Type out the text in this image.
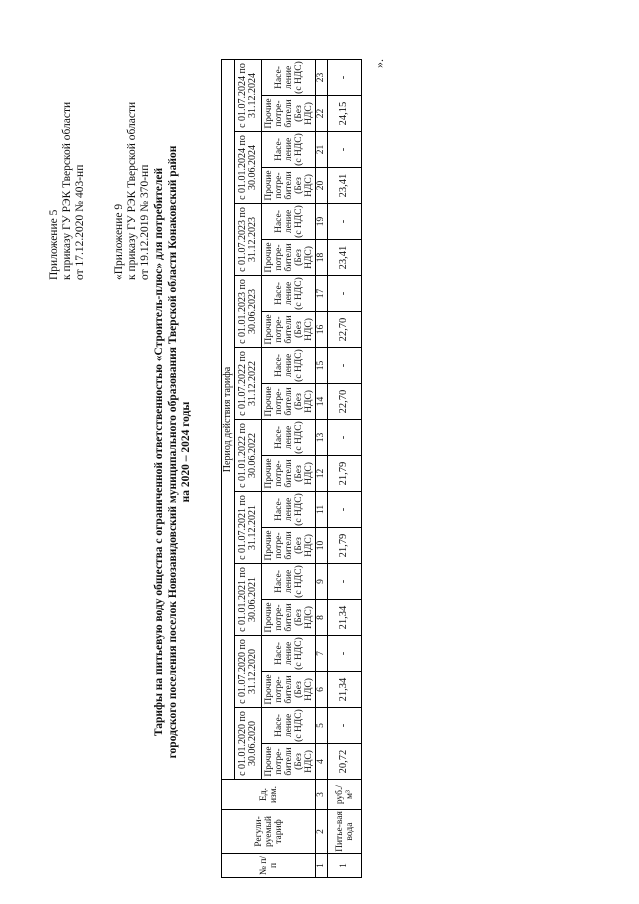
Приложение 5 к приказу ГУ РЭК Тверской области от 17.12.2020 № 403-нп «Приложение 9 к приказу ГУ РЭК Тверской области от 19.12.2019 № 370-нп Тарифы на питьевую воду общества с ограниченной ответственностью «Строитель-плюс» для потребителей городского поселения поселок Новозавидовский муниципального образования Тверской области Конаковский район на 2020 – 2024 годы
№ п/п	Регули-руемый тариф	Ед. изм.	Период действия тарифа																			
			с 01.01.2020 по 30.06.2020		с 01.07.2020 по 31.12.2020		с 01.01.2021 по 30.06.2021		с 01.07.2021 по 31.12.2021		с 01.01.2022 по 30.06.2022		с 01.07.2022 по 31.12.2022		с 01.01.2023 по 30.06.2023		с 01.07.2023 по 31.12.2023		с 01.01.2024 по 30.06.2024		с 01.07.2024 по 31.12.2024	
			Прочие потре-бители (Без НДС)	Насе-ление (с НДС)	Прочие потре-бители (Без НДС)	Насе-ление (с НДС)	Прочие потре-бители (Без НДС)	Насе-ление (с НДС)	Прочие потре-бители (Без НДС)	Насе-ление (с НДС)	Прочие потре-бители (Без НДС)	Насе-ление (с НДС)	Прочие потре-бители (Без НДС)	Насе-ление (с НДС)	Прочие потре-бители (Без НДС)	Насе-ление (с НДС)	Прочие потре-бители (Без НДС)	Насе-ление (с НДС)	Прочие потре-бители (Без НДС)	Насе-ление (с НДС)	Прочие потре-бители (Без НДС)	Насе-ление (с НДС)
1	2	3	4	5	6	7	8	9	10	11	12	13	14	15	16	17	18	19	20	21	22	23
1	Питье-вая вода	руб./м³	20,72	-	21,34	-	21,34	-	21,79	-	21,79	-	22,70	-	22,70	-	23,41	-	23,41	-	24,15	-
».
